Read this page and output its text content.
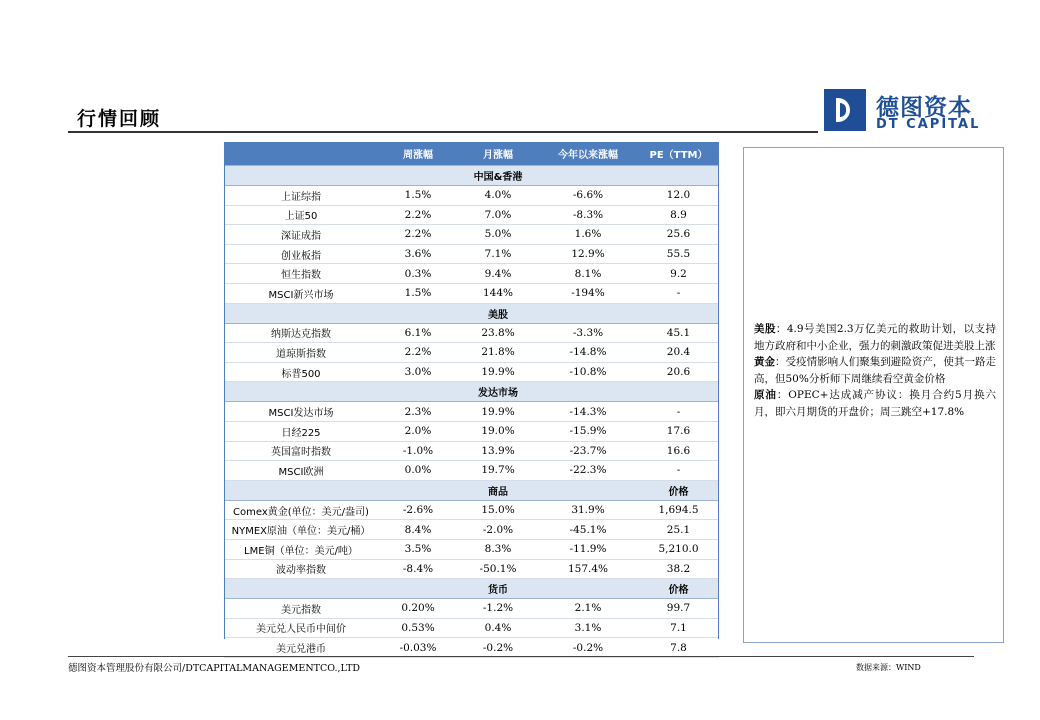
行情回顾	德图资本
DT CAPITAL
	周涨幅	月涨幅	今年以来涨幅	PE（TTM）
		中国&香港		
上证综指	1.5%	4.0%	-6.6%	12.0
上证50	2.2%	7.0%	-8.3%	8.9
深证成指	2.2%	5.0%	1.6%	25.6
创业板指	3.6%	7.1%	12.9%	55.5
恒生指数	0.3%	9.4%	8.1%	9.2
MSCI新兴市场	1.5%	144%	-194%	-
		美股		
纳斯达克指数	6.1%	23.8%	-3.3%	45.1
道琼斯指数	2.2%	21.8%	-14.8%	20.4
标普500	3.0%	19.9%	-10.8%	20.6
		发达市场		
MSCI发达市场	2.3%	19.9%	-14.3%	-
日经225	2.0%	19.0%	-15.9%	17.6
英国富时指数	-1.0%	13.9%	-23.7%	16.6
MSCI欧洲	0.0%	19.7%	-22.3%	-
		商品		价格
Comex黄金(单位：美元/盎司)	-2.6%	15.0%	31.9%	1,694.5
NYMEX原油（单位：美元/桶）	8.4%	-2.0%	-45.1%	25.1
LME铜（单位：美元/吨）	3.5%	8.3%	-11.9%	5,210.0
波动率指数	-8.4%	-50.1%	157.4%	38.2
		货币		价格
美元指数	0.20%	-1.2%	2.1%	99.7
美元兑人民币中间价	0.53%	0.4%	3.1%	7.1
美元兑港币	-0.03%	-0.2%	-0.2%	7.8

美股：4.9号美国2.3万亿美元的救助计划，以支持地方政府和中小企业，强力的刺激政策促进美股上涨

黄金：受疫情影响人们聚集到避险资产，使其一路走高，但50%分析师下周继续看空黄金价格

原油：OPEC+达成减产协议：换月合约5月换六月，即六月期货的开盘价；周三跳空+17.8%

德图资本管理股份有限公司/DTCAPITALMANAGEMENTCO.,LTD	数据来源：WIND
